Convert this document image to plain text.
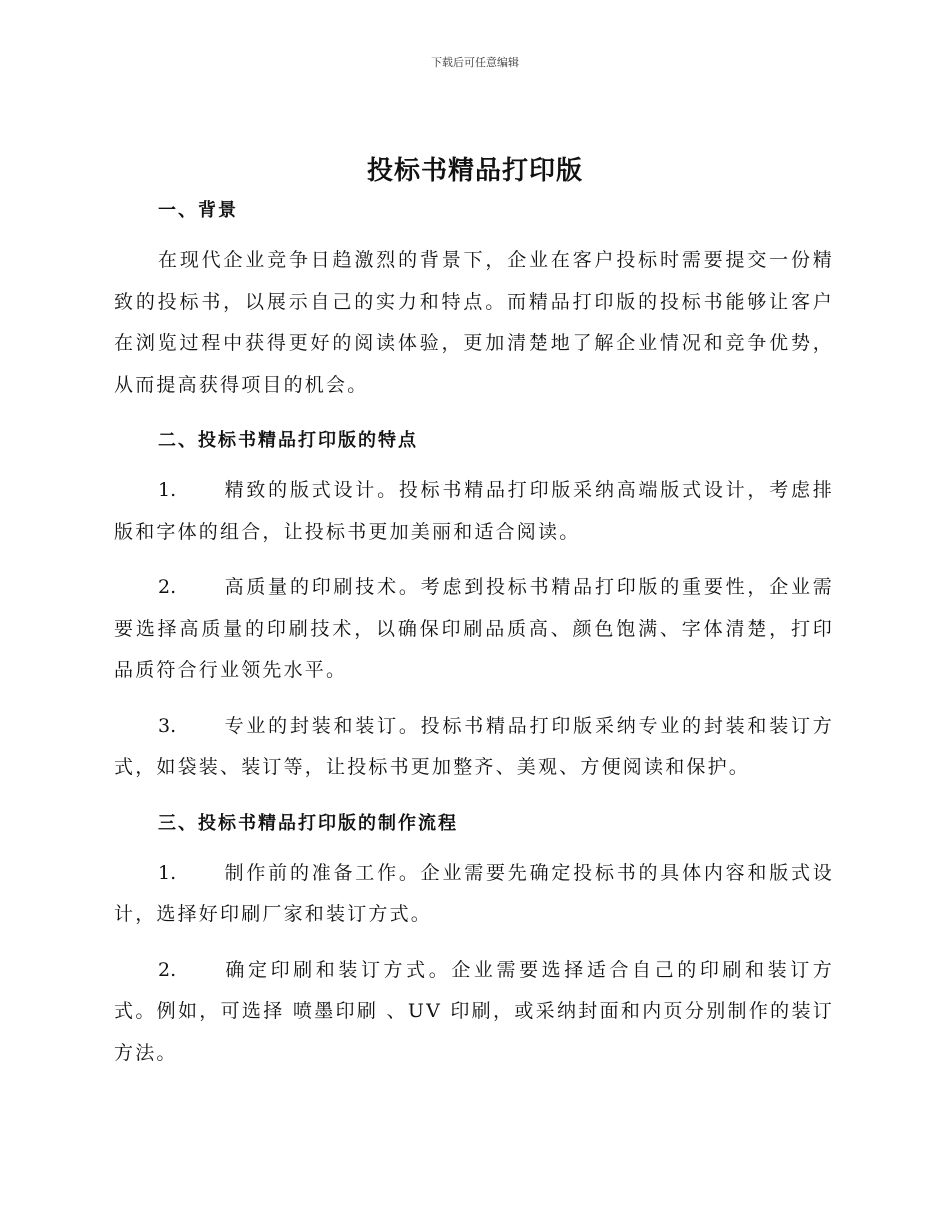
下载后可任意编辑
投标书精品打印版
一、背景

在现代企业竞争日趋激烈的背景下，企业在客户投标时需要提交一份精致的投标书，以展示自己的实力和特点。而精品打印版的投标书能够让客户在浏览过程中获得更好的阅读体验，更加清楚地了解企业情况和竞争优势，从而提高获得项目的机会。

二、投标书精品打印版的特点

1.	精致的版式设计。投标书精品打印版采纳高端版式设计，考虑排版和字体的组合，让投标书更加美丽和适合阅读。

2.	高质量的印刷技术。考虑到投标书精品打印版的重要性，企业需要选择高质量的印刷技术，以确保印刷品质高、颜色饱满、字体清楚，打印品质符合行业领先水平。

3.	专业的封装和装订。投标书精品打印版采纳专业的封装和装订方式，如袋装、装订等，让投标书更加整齐、美观、方便阅读和保护。

三、投标书精品打印版的制作流程

1.	制作前的准备工作。企业需要先确定投标书的具体内容和版式设计，选择好印刷厂家和装订方式。

2.	确定印刷和装订方式。企业需要选择适合自己的印刷和装订方式。例如，可选择 喷墨印刷 、UV 印刷，或采纳封面和内页分别制作的装订方法。
